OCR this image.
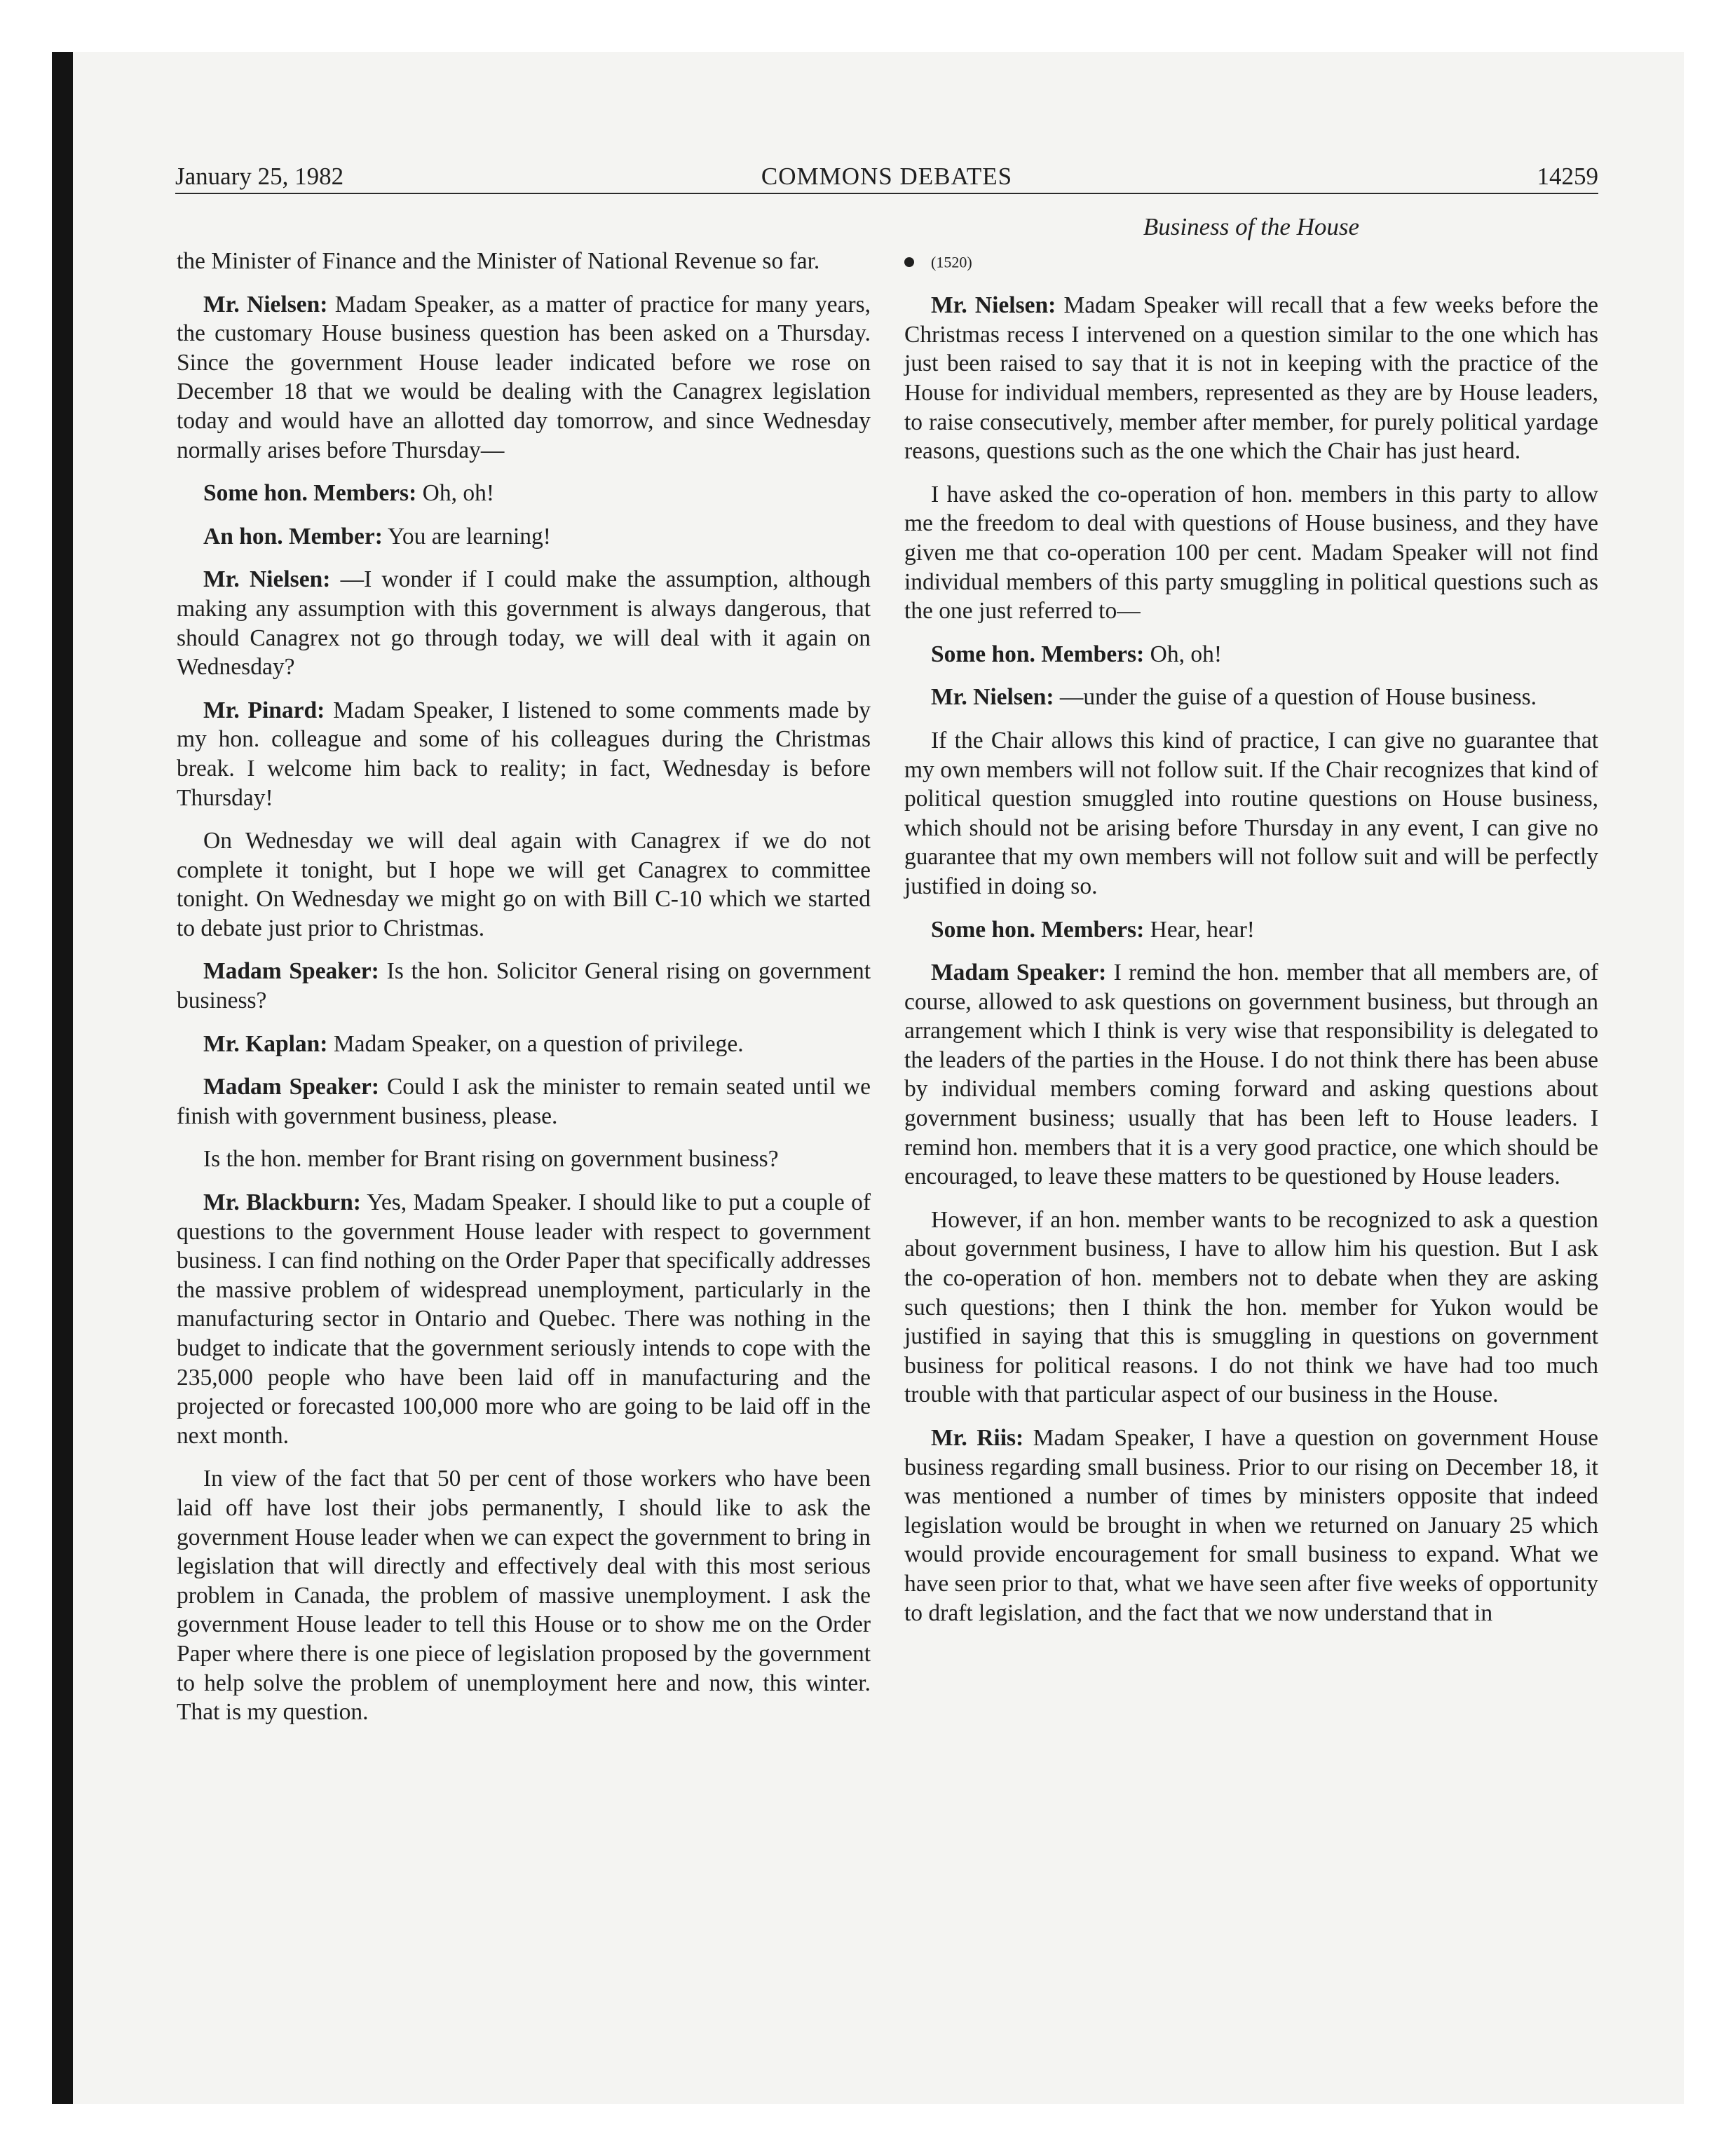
January 25, 1982	COMMONS DEBATES	14259
Business of the House

the Minister of Finance and the Minister of National Revenue so far.

Mr. Nielsen: Madam Speaker, as a matter of practice for many years, the customary House business question has been asked on a Thursday. Since the government House leader indicated before we rose on December 18 that we would be dealing with the Canagrex legislation today and would have an allotted day tomorrow, and since Wednesday normally arises before Thursday—

Some hon. Members: Oh, oh!

An hon. Member: You are learning!

Mr. Nielsen: —I wonder if I could make the assumption, although making any assumption with this government is always dangerous, that should Canagrex not go through today, we will deal with it again on Wednesday?

Mr. Pinard: Madam Speaker, I listened to some comments made by my hon. colleague and some of his colleagues during the Christmas break. I welcome him back to reality; in fact, Wednesday is before Thursday!

On Wednesday we will deal again with Canagrex if we do not complete it tonight, but I hope we will get Canagrex to committee tonight. On Wednesday we might go on with Bill C-10 which we started to debate just prior to Christmas.

Madam Speaker: Is the hon. Solicitor General rising on government business?

Mr. Kaplan: Madam Speaker, on a question of privilege.

Madam Speaker: Could I ask the minister to remain seated until we finish with government business, please.

Is the hon. member for Brant rising on government business?

Mr. Blackburn: Yes, Madam Speaker. I should like to put a couple of questions to the government House leader with respect to government business. I can find nothing on the Order Paper that specifically addresses the massive problem of widespread unemployment, particularly in the manufacturing sector in Ontario and Quebec. There was nothing in the budget to indicate that the government seriously intends to cope with the 235,000 people who have been laid off in manufacturing and the projected or forecasted 100,000 more who are going to be laid off in the next month.

In view of the fact that 50 per cent of those workers who have been laid off have lost their jobs permanently, I should like to ask the government House leader when we can expect the government to bring in legislation that will directly and effectively deal with this most serious problem in Canada, the problem of massive unemployment. I ask the government House leader to tell this House or to show me on the Order Paper where there is one piece of legislation proposed by the government to help solve the problem of unemployment here and now, this winter. That is my question.

(1520)

Mr. Nielsen: Madam Speaker will recall that a few weeks before the Christmas recess I intervened on a question similar to the one which has just been raised to say that it is not in keeping with the practice of the House for individual members, represented as they are by House leaders, to raise consecutively, member after member, for purely political yardage reasons, questions such as the one which the Chair has just heard.

I have asked the co-operation of hon. members in this party to allow me the freedom to deal with questions of House business, and they have given me that co-operation 100 per cent. Madam Speaker will not find individual members of this party smuggling in political questions such as the one just referred to—

Some hon. Members: Oh, oh!

Mr. Nielsen: —under the guise of a question of House business.

If the Chair allows this kind of practice, I can give no guarantee that my own members will not follow suit. If the Chair recognizes that kind of political question smuggled into routine questions on House business, which should not be arising before Thursday in any event, I can give no guarantee that my own members will not follow suit and will be perfectly justified in doing so.

Some hon. Members: Hear, hear!

Madam Speaker: I remind the hon. member that all members are, of course, allowed to ask questions on government business, but through an arrangement which I think is very wise that responsibility is delegated to the leaders of the parties in the House. I do not think there has been abuse by individual members coming forward and asking questions about government business; usually that has been left to House leaders. I remind hon. members that it is a very good practice, one which should be encouraged, to leave these matters to be questioned by House leaders.

However, if an hon. member wants to be recognized to ask a question about government business, I have to allow him his question. But I ask the co-operation of hon. members not to debate when they are asking such questions; then I think the hon. member for Yukon would be justified in saying that this is smuggling in questions on government business for political reasons. I do not think we have had too much trouble with that particular aspect of our business in the House.

Mr. Riis: Madam Speaker, I have a question on government House business regarding small business. Prior to our rising on December 18, it was mentioned a number of times by ministers opposite that indeed legislation would be brought in when we returned on January 25 which would provide encouragement for small business to expand. What we have seen prior to that, what we have seen after five weeks of opportunity to draft legislation, and the fact that we now understand that in
